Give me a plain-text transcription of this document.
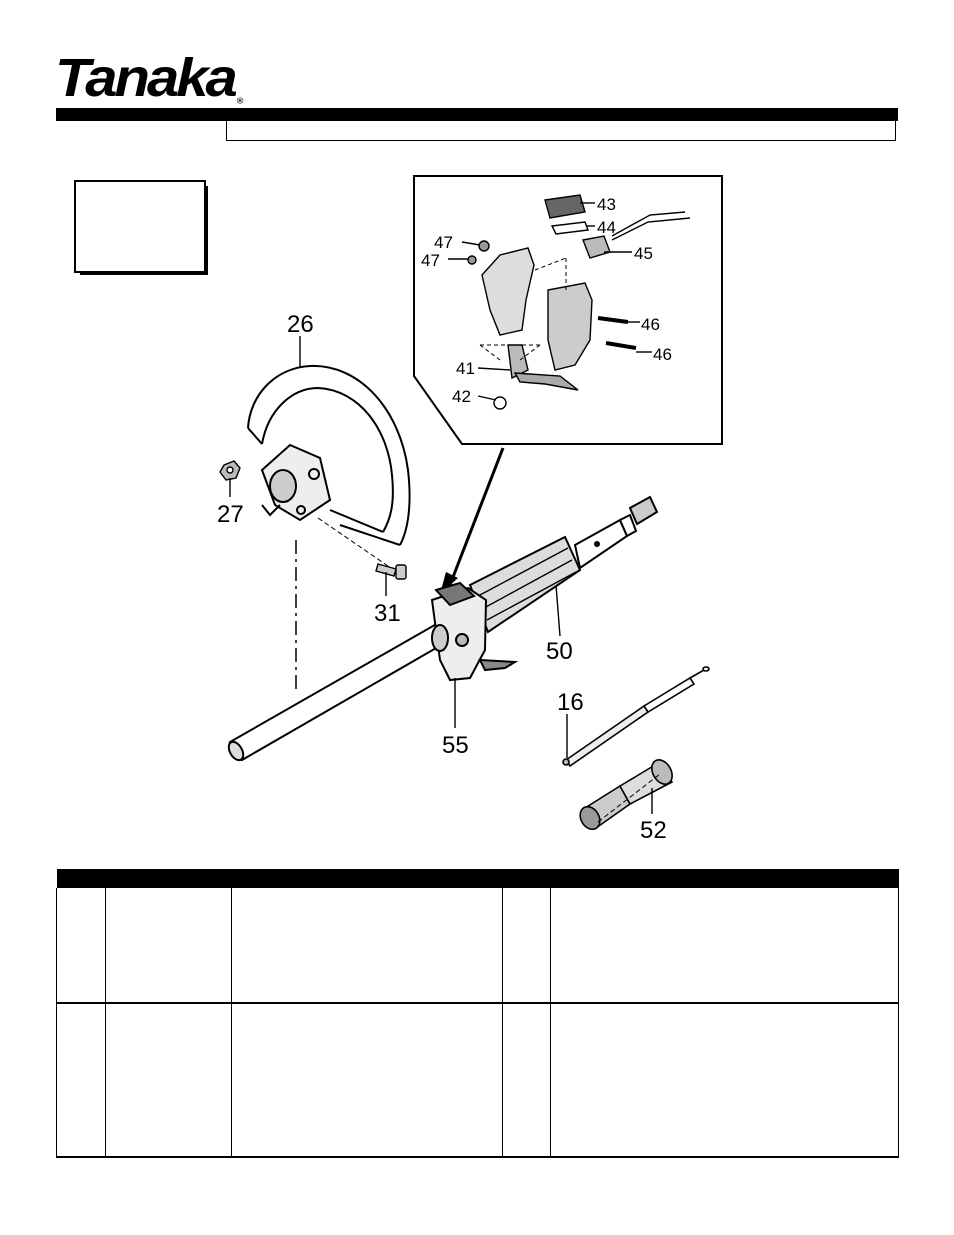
Tanaka ®
26
27
31
50
55
16
52
43
44
45
46
46
47
47
41
42
